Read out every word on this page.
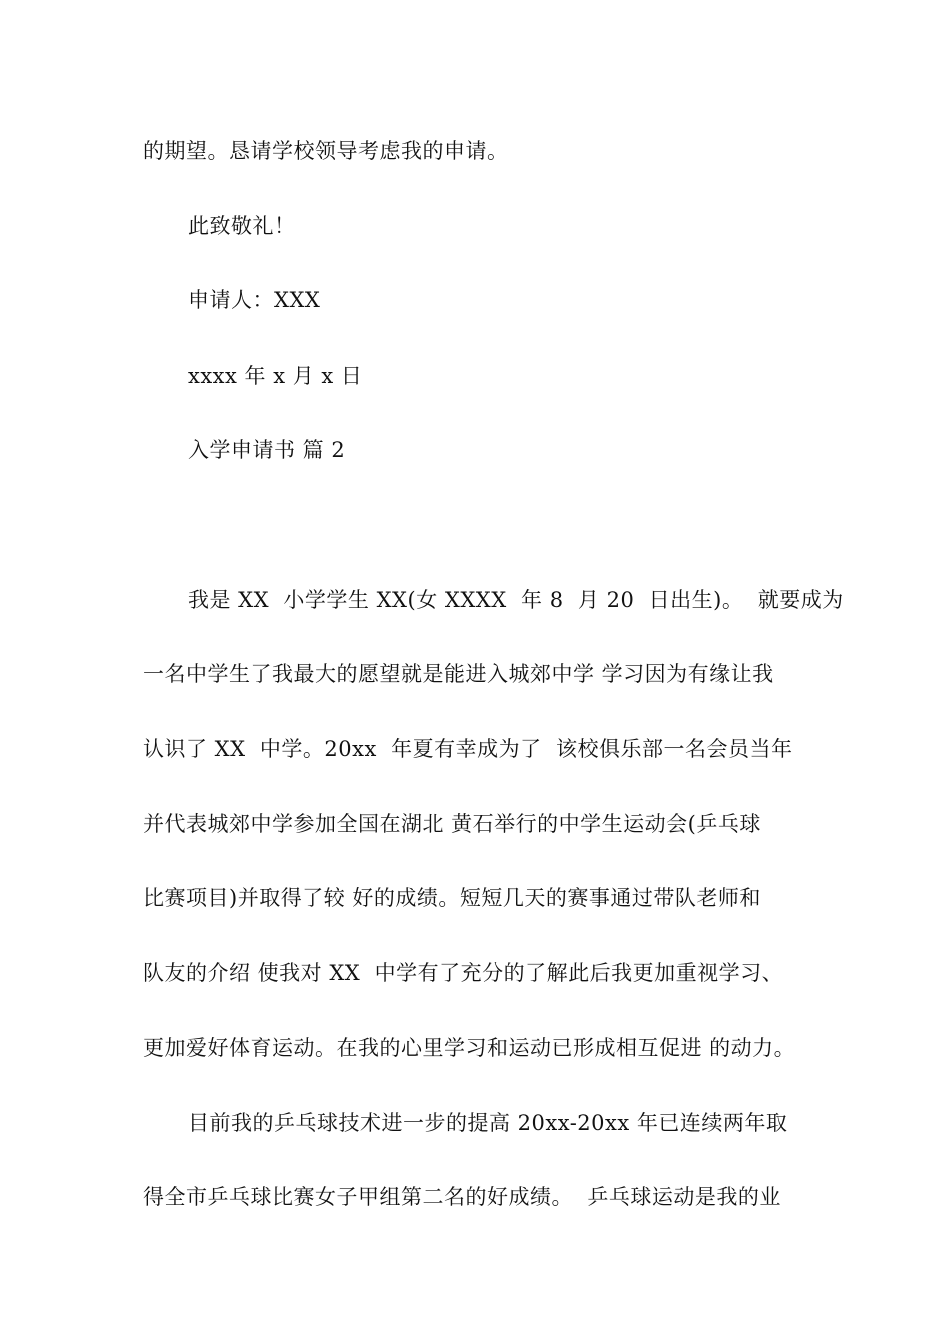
的期望。恳请学校领导考虑我的申请。
此致敬礼！
申请人：XXX
xxxx 年 x 月 x 日
入学申请书 篇 2
我是 XX  小学学生 XX(女 XXXX  年 8  月 20  日出生)。  就要成为
一名中学生了我最大的愿望就是能进入城郊中学 学习因为有缘让我
认识了 XX  中学。20xx  年夏有幸成为了  该校俱乐部一名会员当年
并代表城郊中学参加全国在湖北 黄石举行的中学生运动会(乒乓球
比赛项目)并取得了较 好的成绩。短短几天的赛事通过带队老师和
队友的介绍 使我对 XX  中学有了充分的了解此后我更加重视学习、
更加爱好体育运动。在我的心里学习和运动已形成相互促进 的动力。
目前我的乒乓球技术进一步的提高 20xx-20xx 年已连续两年取
得全市乒乓球比赛女子甲组第二名的好成绩。  乒乓球运动是我的业
